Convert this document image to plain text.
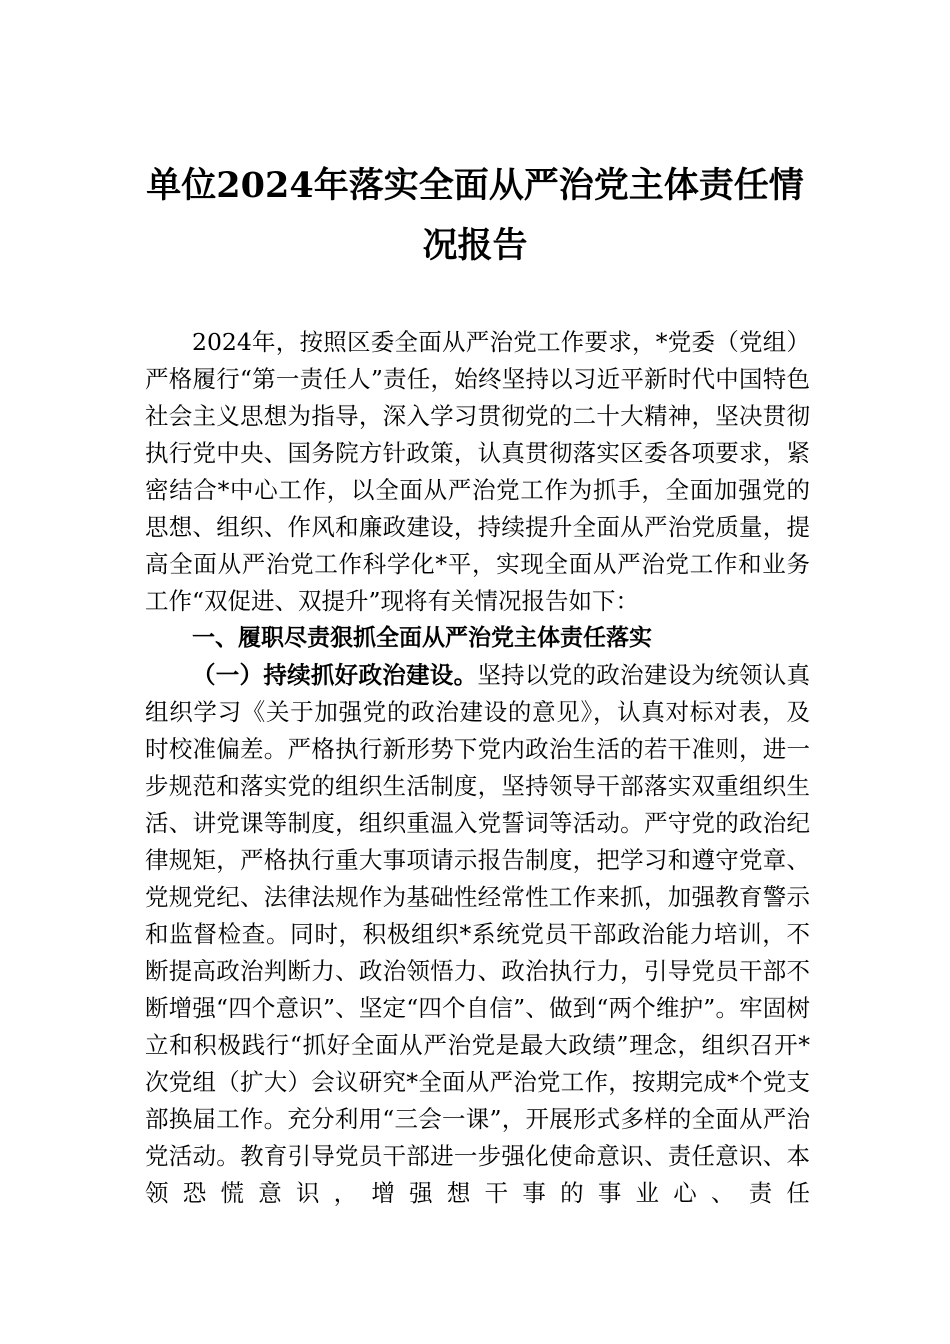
单位2024年落实全面从严治党主体责任情
况报告

2024年，按照区委全面从严治党工作要求，*党委（党组）严格履行“第一责任人”责任，始终坚持以习近平新时代中国特色社会主义思想为指导，深入学习贯彻党的二十大精神，坚决贯彻执行党中央、国务院方针政策，认真贯彻落实区委各项要求，紧密结合*中心工作，以全面从严治党工作为抓手，全面加强党的思想、组织、作风和廉政建设，持续提升全面从严治党质量，提高全面从严治党工作科学化*平，实现全面从严治党工作和业务工作“双促进、双提升”现将有关情况报告如下：

一、履职尽责狠抓全面从严治党主体责任落实

（一）持续抓好政治建设。坚持以党的政治建设为统领认真组织学习《关于加强党的政治建设的意见》，认真对标对表，及时校准偏差。严格执行新形势下党内政治生活的若干准则，进一步规范和落实党的组织生活制度，坚持领导干部落实双重组织生活、讲党课等制度，组织重温入党誓词等活动。严守党的政治纪律规矩，严格执行重大事项请示报告制度，把学习和遵守党章、党规党纪、法律法规作为基础性经常性工作来抓，加强教育警示和监督检查。同时，积极组织*系统党员干部政治能力培训，不断提高政治判断力、政治领悟力、政治执行力，引导党员干部不断增强“四个意识”、坚定“四个自信”、做到“两个维护”。牢固树立和积极践行“抓好全面从严治党是最大政绩”理念，组织召开*次党组（扩大）会议研究*全面从严治党工作，按期完成*个党支部换届工作。充分利用“三会一课”，开展形式多样的全面从严治党活动。教育引导党员干部进一步强化使命意识、责任意识、本领恐慌意识，增强想干事的事业心、责任
